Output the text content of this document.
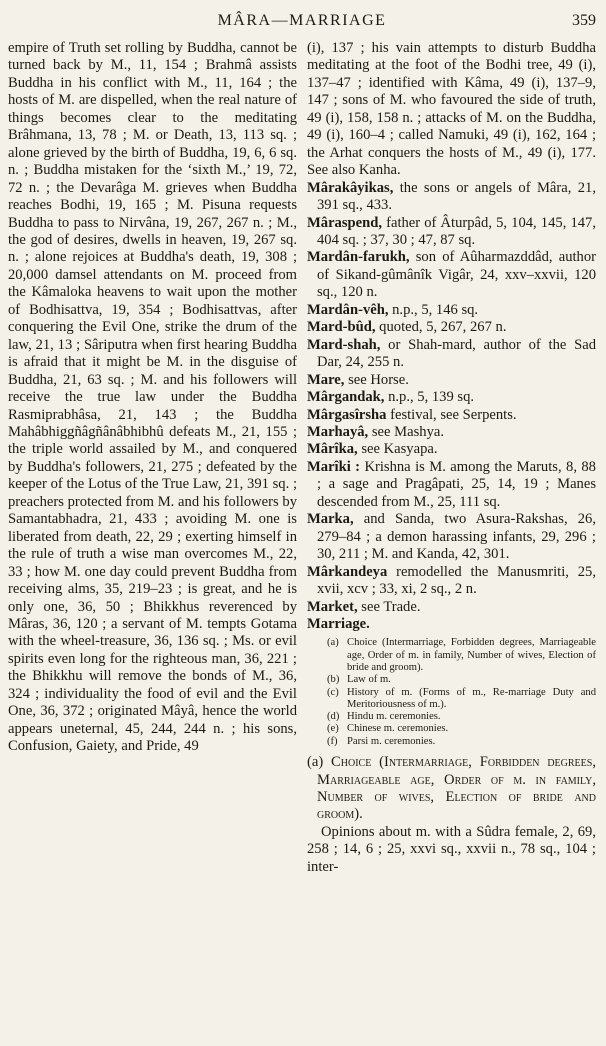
MÂRA—MARRIAGE	359

empire of Truth set rolling by Buddha, cannot be turned back by M., 11, 154 ; Brahmâ assists Buddha in his conflict with M., 11, 164 ; the hosts of M. are dispelled, when the real nature of things becomes clear to the meditating Brâhmana, 13, 78 ; M. or Death, 13, 113 sq. ; alone grieved by the birth of Buddha, 19, 6, 6 sq. n. ; Buddha mistaken for the ‘sixth M.,’ 19, 72, 72 n. ; the Devarâga M. grieves when Buddha reaches Bodhi, 19, 165 ; M. Pisuna requests Buddha to pass to Nirvâna, 19, 267, 267 n. ; M., the god of desires, dwells in heaven, 19, 267 sq. n. ; alone rejoices at Buddha's death, 19, 308 ; 20,000 damsel attendants on M. proceed from the Kâmaloka heavens to wait upon the mother of Bodhisattva, 19, 354 ; Bodhisattvas, after conquering the Evil One, strike the drum of the law, 21, 13 ; Sâriputra when first hearing Buddha is afraid that it might be M. in the disguise of Buddha, 21, 63 sq. ; M. and his followers will receive the true law under the Buddha Rasmiprabhâsa, 21, 143 ; the Buddha Mahâbhiggñâgñânâbhibhû defeats M., 21, 155 ; the triple world assailed by M., and conquered by Buddha's followers, 21, 275 ; defeated by the keeper of the Lotus of the True Law, 21, 391 sq. ; preachers protected from M. and his followers by Samantabhadra, 21, 433 ; avoiding M. one is liberated from death, 22, 29 ; exerting himself in the rule of truth a wise man overcomes M., 22, 33 ; how M. one day could prevent Buddha from receiving alms, 35, 219–23 ; is great, and he is only one, 36, 50 ; Bhikkhus reverenced by Mâras, 36, 120 ; a servant of M. tempts Gotama with the wheel-treasure, 36, 136 sq. ; Ms. or evil spirits even long for the righteous man, 36, 221 ; the Bhikkhu will remove the bonds of M., 36, 324 ; individuality the food of evil and the Evil One, 36, 372 ; originated Mâyâ, hence the world appears uneternal, 45, 244, 244 n. ; his sons, Confusion, Gaiety, and Pride, 49

(i), 137 ; his vain attempts to disturb Buddha meditating at the foot of the Bodhi tree, 49 (i), 137–47 ; identified with Kâma, 49 (i), 137–9, 147 ; sons of M. who favoured the side of truth, 49 (i), 158, 158 n. ; attacks of M. on the Buddha, 49 (i), 160–4 ; called Namuki, 49 (i), 162, 164 ; the Arhat conquers the hosts of M., 49 (i), 177. See also Kanha.

Mârakâyikas, the sons or angels of Mâra, 21, 391 sq., 433.

Mâraspend, father of Âturpâd, 5, 104, 145, 147, 404 sq. ; 37, 30 ; 47, 87 sq.

Mardân-farukh, son of Aûharmazddâd, author of Sikand-gûmânîk Vigâr, 24, xxv–xxvii, 120 sq., 120 n.

Mardân-vêh, n.p., 5, 146 sq.

Mard-bûd, quoted, 5, 267, 267 n.

Mard-shah, or Shah-mard, author of the Sad Dar, 24, 255 n.

Mare, see Horse.

Mârgandak, n.p., 5, 139 sq.

Mârgasîrsha festival, see Serpents.

Marhayâ, see Mashya.

Mârîka, see Kasyapa.

Marîki : Krishna is M. among the Maruts, 8, 88 ; a sage and Pragâpati, 25, 14, 19 ; Manes descended from M., 25, 111 sq.

Marka, and Sanda, two Asura-Rakshas, 26, 279–84 ; a demon harassing infants, 29, 296 ; 30, 211 ; M. and Kanda, 42, 301.

Mârkandeya remodelled the Manusmriti, 25, xvii, xcv ; 33, xi, 2 sq., 2 n.

Market, see Trade.

Marriage.

(a) Choice (Intermarriage, Forbidden degrees, Marriageable age, Order of m. in family, Number of wives, Election of bride and groom).
(b) Law of m.
(c) History of m. (Forms of m., Re-marriage Duty and Meritoriousness of m.).
(d) Hindu m. ceremonies.
(e) Chinese m. ceremonies.
(f) Parsi m. ceremonies.

(a) Choice (Intermarriage, Forbidden degrees, Marriageable age, Order of m. in family, Number of wives, Election of bride and groom).

Opinions about m. with a Sûdra female, 2, 69, 258 ; 14, 6 ; 25, xxvi sq., xxvii n., 78 sq., 104 ; inter-
